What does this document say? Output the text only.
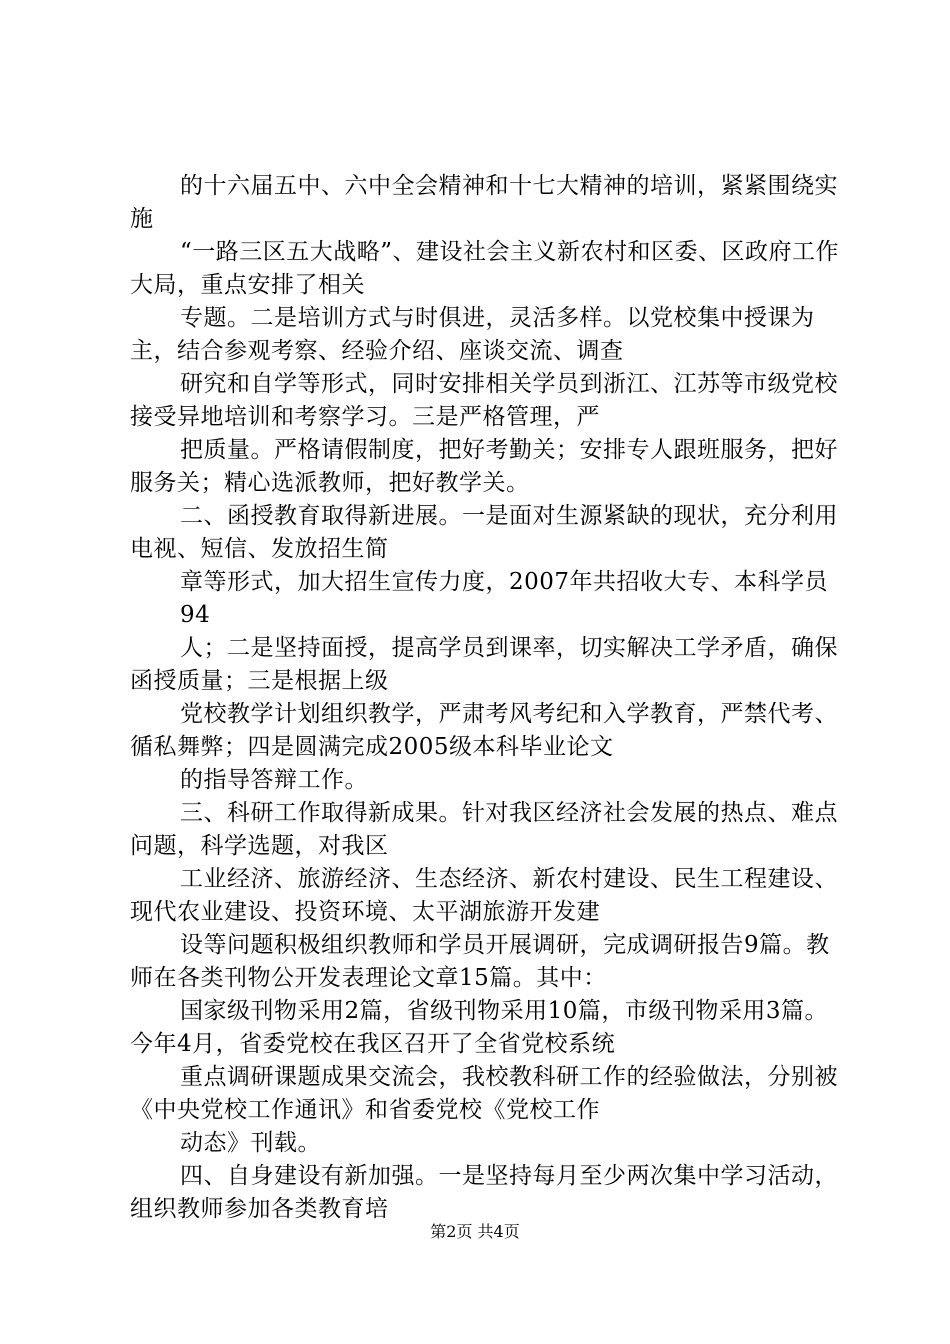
的十六届五中、六中全会精神和十七大精神的培训，紧紧围绕实施

“一路三区五大战略”、建设社会主义新农村和区委、区政府工作大局，重点安排了相关

专题。二是培训方式与时俱进，灵活多样。以党校集中授课为主，结合参观考察、经验介绍、座谈交流、调查

研究和自学等形式，同时安排相关学员到浙江、江苏等市级党校接受异地培训和考察学习。三是严格管理，严

把质量。严格请假制度，把好考勤关；安排专人跟班服务，把好服务关；精心选派教师，把好教学关。

二、函授教育取得新进展。一是面对生源紧缺的现状，充分利用电视、短信、发放招生简

章等形式，加大招生宣传力度，2007年共招收大专、本科学员

94

人；二是坚持面授，提高学员到课率，切实解决工学矛盾，确保函授质量；三是根据上级

党校教学计划组织教学，严肃考风考纪和入学教育，严禁代考、循私舞弊；四是圆满完成2005级本科毕业论文

的指导答辩工作。

三、科研工作取得新成果。针对我区经济社会发展的热点、难点问题，科学选题，对我区

工业经济、旅游经济、生态经济、新农村建设、民生工程建设、现代农业建设、投资环境、太平湖旅游开发建

设等问题积极组织教师和学员开展调研，完成调研报告9篇。教师在各类刊物公开发表理论文章15篇。其中：

国家级刊物采用2篇，省级刊物采用10篇，市级刊物采用3篇。今年4月，省委党校在我区召开了全省党校系统

重点调研课题成果交流会，我校教科研工作的经验做法，分别被《中央党校工作通讯》和省委党校《党校工作

动态》刊载。

四、自身建设有新加强。一是坚持每月至少两次集中学习活动，组织教师参加各类教育培

第2页 共4页
